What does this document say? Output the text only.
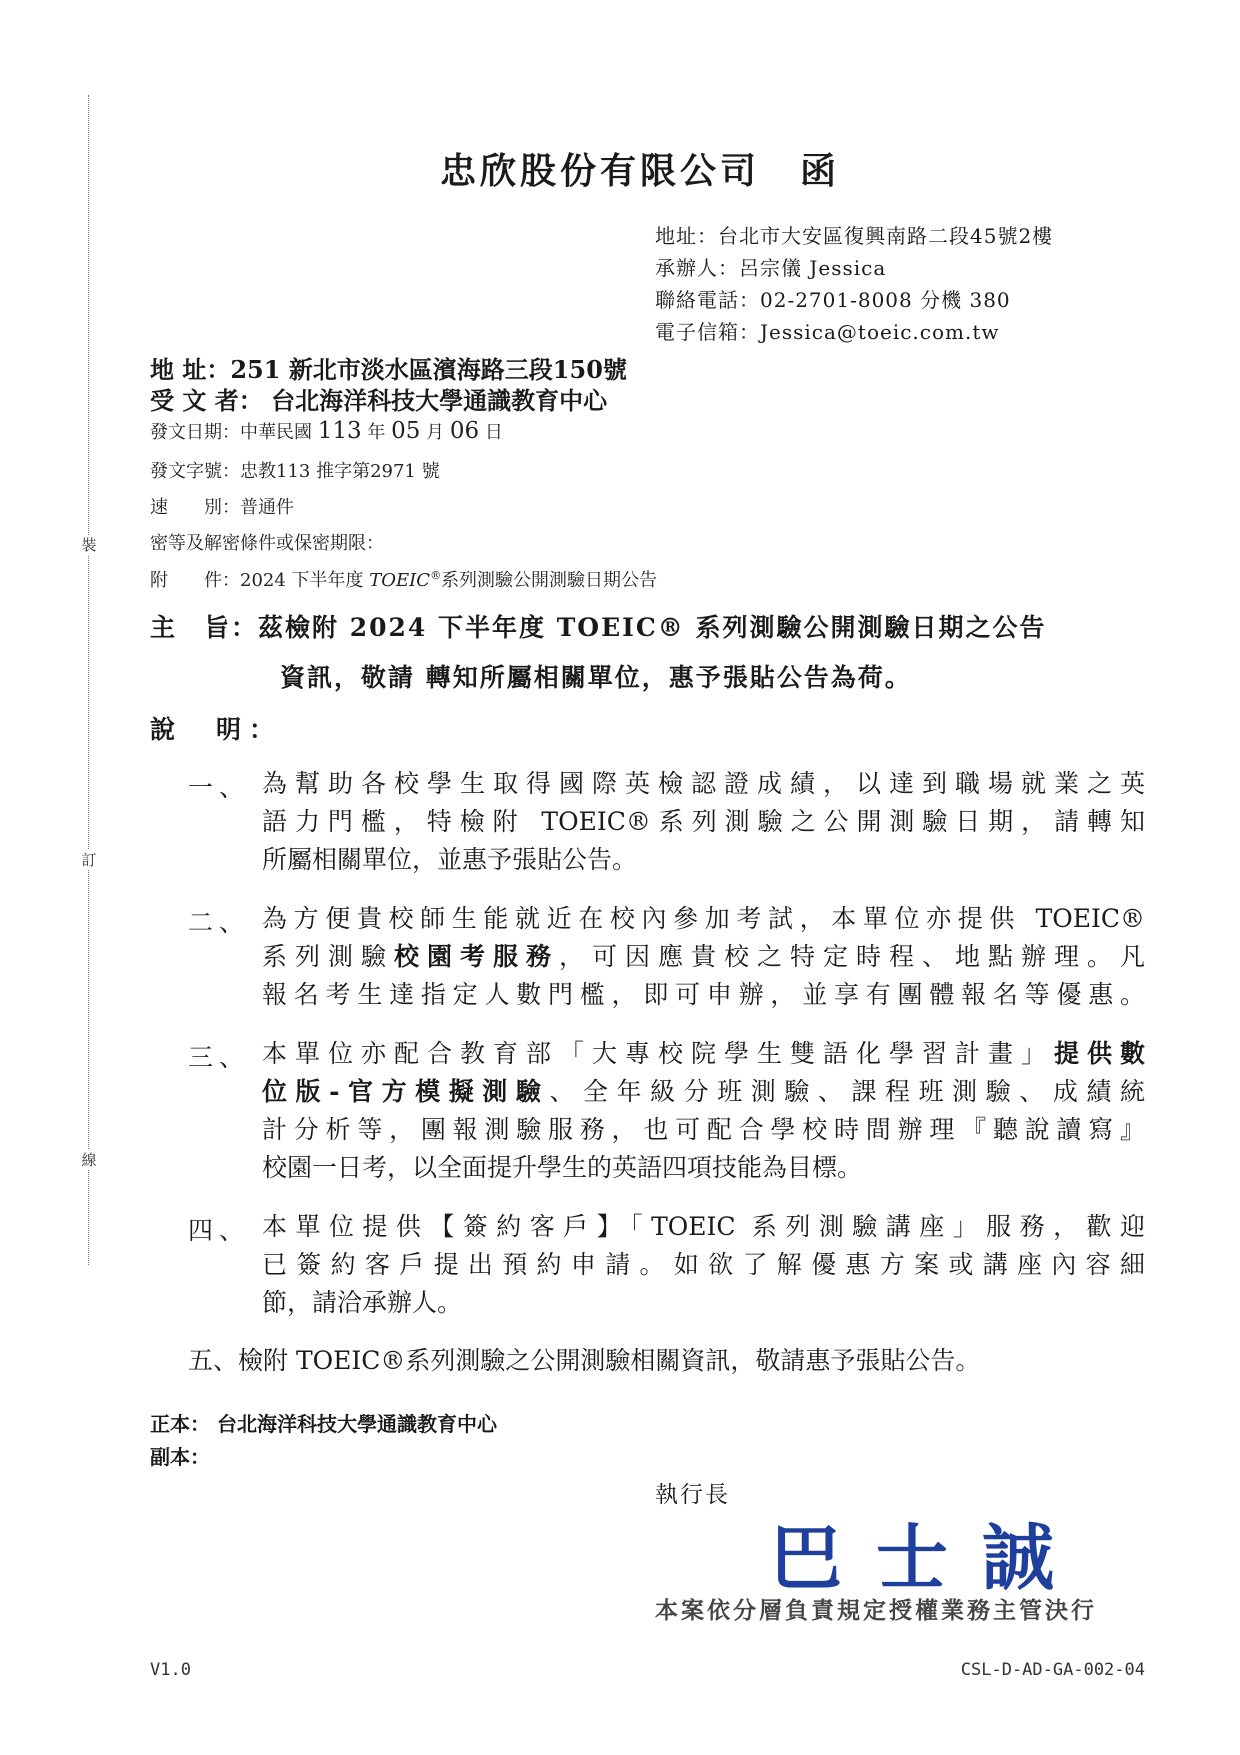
裝
訂
線
忠欣股份有限公司　函
地址：台北市大安區復興南路二段45號2樓
承辦人：呂宗儀 Jessica
聯絡電話：02-2701-8008 分機 380
電子信箱：Jessica@toeic.com.tw
地 址：251 新北市淡水區濱海路三段150號
受 文 者： 台北海洋科技大學通識教育中心
發文日期：中華民國 113 年 05 月 06 日
發文字號：忠教113 推字第2971 號
速　　別：普通件
密等及解密條件或保密期限：
附　　件：2024 下半年度 TOEIC®系列測驗公開測驗日期公告
主　旨：茲檢附 2024 下半年度 TOEIC® 系列測驗公開測驗日期之公告
資訊，敬請 轉知所屬相關單位，惠予張貼公告為荷。
說　明：
一、 為幫助各校學生取得國際英檢認證成績，以達到職場就業之英
語力門檻，特檢附 TOEIC®系列測驗之公開測驗日期，請轉知
所屬相關單位，並惠予張貼公告。
二、 為方便貴校師生能就近在校內參加考試，本單位亦提供 TOEIC®
系列測驗校園考服務，可因應貴校之特定時程、地點辦理。凡
報名考生達指定人數門檻，即可申辦，並享有團體報名等優惠。
三、 本單位亦配合教育部「大專校院學生雙語化學習計畫」提供數
位版-官方模擬測驗、全年級分班測驗、課程班測驗、成績統
計分析等，團報測驗服務，也可配合學校時間辦理『聽說讀寫』
校園一日考，以全面提升學生的英語四項技能為目標。
四、 本單位提供【簽約客戶】「TOEIC 系列測驗講座」服務，歡迎
已簽約客戶提出預約申請。如欲了解優惠方案或講座內容細
節，請洽承辦人。
五、檢附 TOEIC®系列測驗之公開測驗相關資訊，敬請惠予張貼公告。
正本： 台北海洋科技大學通識教育中心
副本：
執行長
巴士誠
本案依分層負責規定授權業務主管決行
V1.0	CSL-D-AD-GA-002-04
